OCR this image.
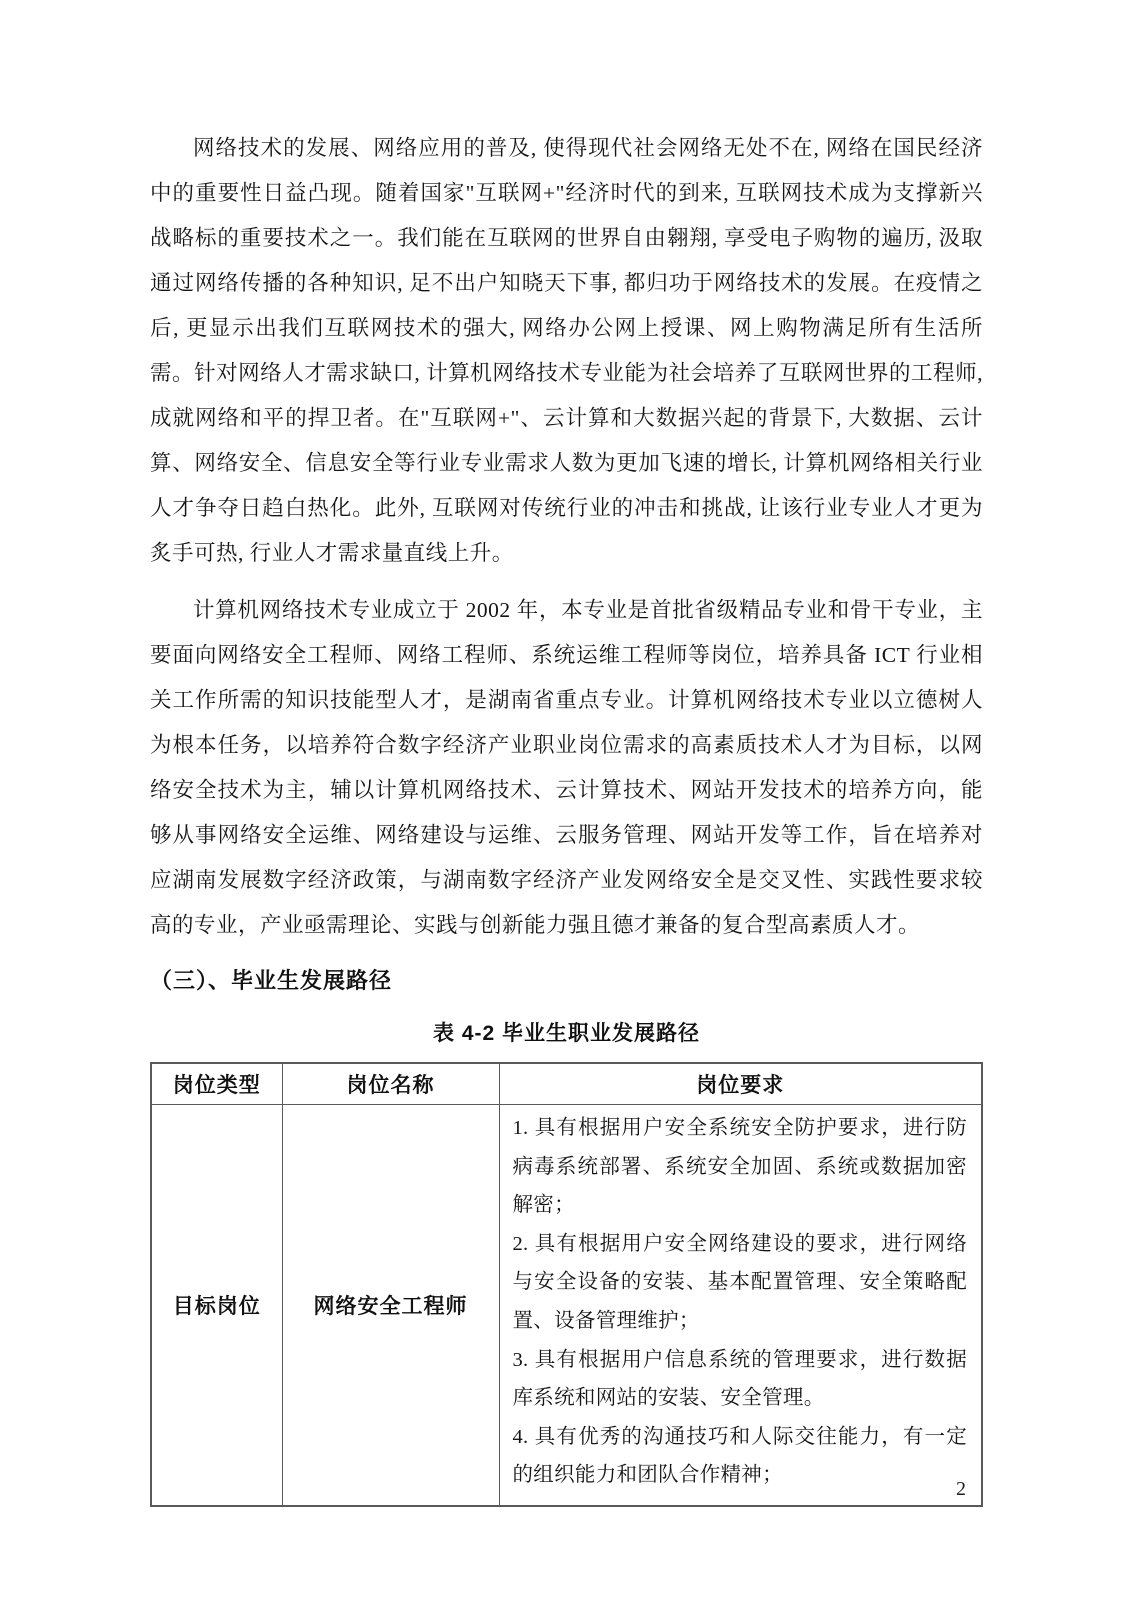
网络技术的发展、网络应用的普及, 使得现代社会网络无处不在, 网络在国民经济中的重要性日益凸现。随着国家"互联网+"经济时代的到来, 互联网技术成为支撑新兴战略标的重要技术之一。我们能在互联网的世界自由翱翔, 享受电子购物的遍历, 汲取通过网络传播的各种知识, 足不出户知晓天下事, 都归功于网络技术的发展。在疫情之后, 更显示出我们互联网技术的强大, 网络办公网上授课、网上购物满足所有生活所需。针对网络人才需求缺口, 计算机网络技术专业能为社会培养了互联网世界的工程师, 成就网络和平的捍卫者。在"互联网+"、云计算和大数据兴起的背景下, 大数据、云计算、网络安全、信息安全等行业专业需求人数为更加飞速的增长, 计算机网络相关行业人才争夺日趋白热化。此外, 互联网对传统行业的冲击和挑战, 让该行业专业人才更为炙手可热, 行业人才需求量直线上升。

计算机网络技术专业成立于 2002 年，本专业是首批省级精品专业和骨干专业，主要面向网络安全工程师、网络工程师、系统运维工程师等岗位，培养具备 ICT 行业相关工作所需的知识技能型人才，是湖南省重点专业。计算机网络技术专业以立德树人为根本任务，以培养符合数字经济产业职业岗位需求的高素质技术人才为目标，以网络安全技术为主，辅以计算机网络技术、云计算技术、网站开发技术的培养方向，能够从事网络安全运维、网络建设与运维、云服务管理、网站开发等工作，旨在培养对应湖南发展数字经济政策，与湖南数字经济产业发网络安全是交叉性、实践性要求较高的专业，产业亟需理论、实践与创新能力强且德才兼备的复合型高素质人才。

（三）、毕业生发展路径
表 4-2 毕业生职业发展路径
岗位类型	岗位名称	岗位要求
目标岗位	网络安全工程师	1. 具有根据用户安全系统安全防护要求，进行防病毒系统部署、系统安全加固、系统或数据加密解密；

2. 具有根据用户安全网络建设的要求，进行网络与安全设备的安装、基本配置管理、安全策略配置、设备管理维护；

3. 具有根据用户信息系统的管理要求，进行数据库系统和网站的安装、安全管理。

4. 具有优秀的沟通技巧和人际交往能力，有一定的组织能力和团队合作精神；

2
